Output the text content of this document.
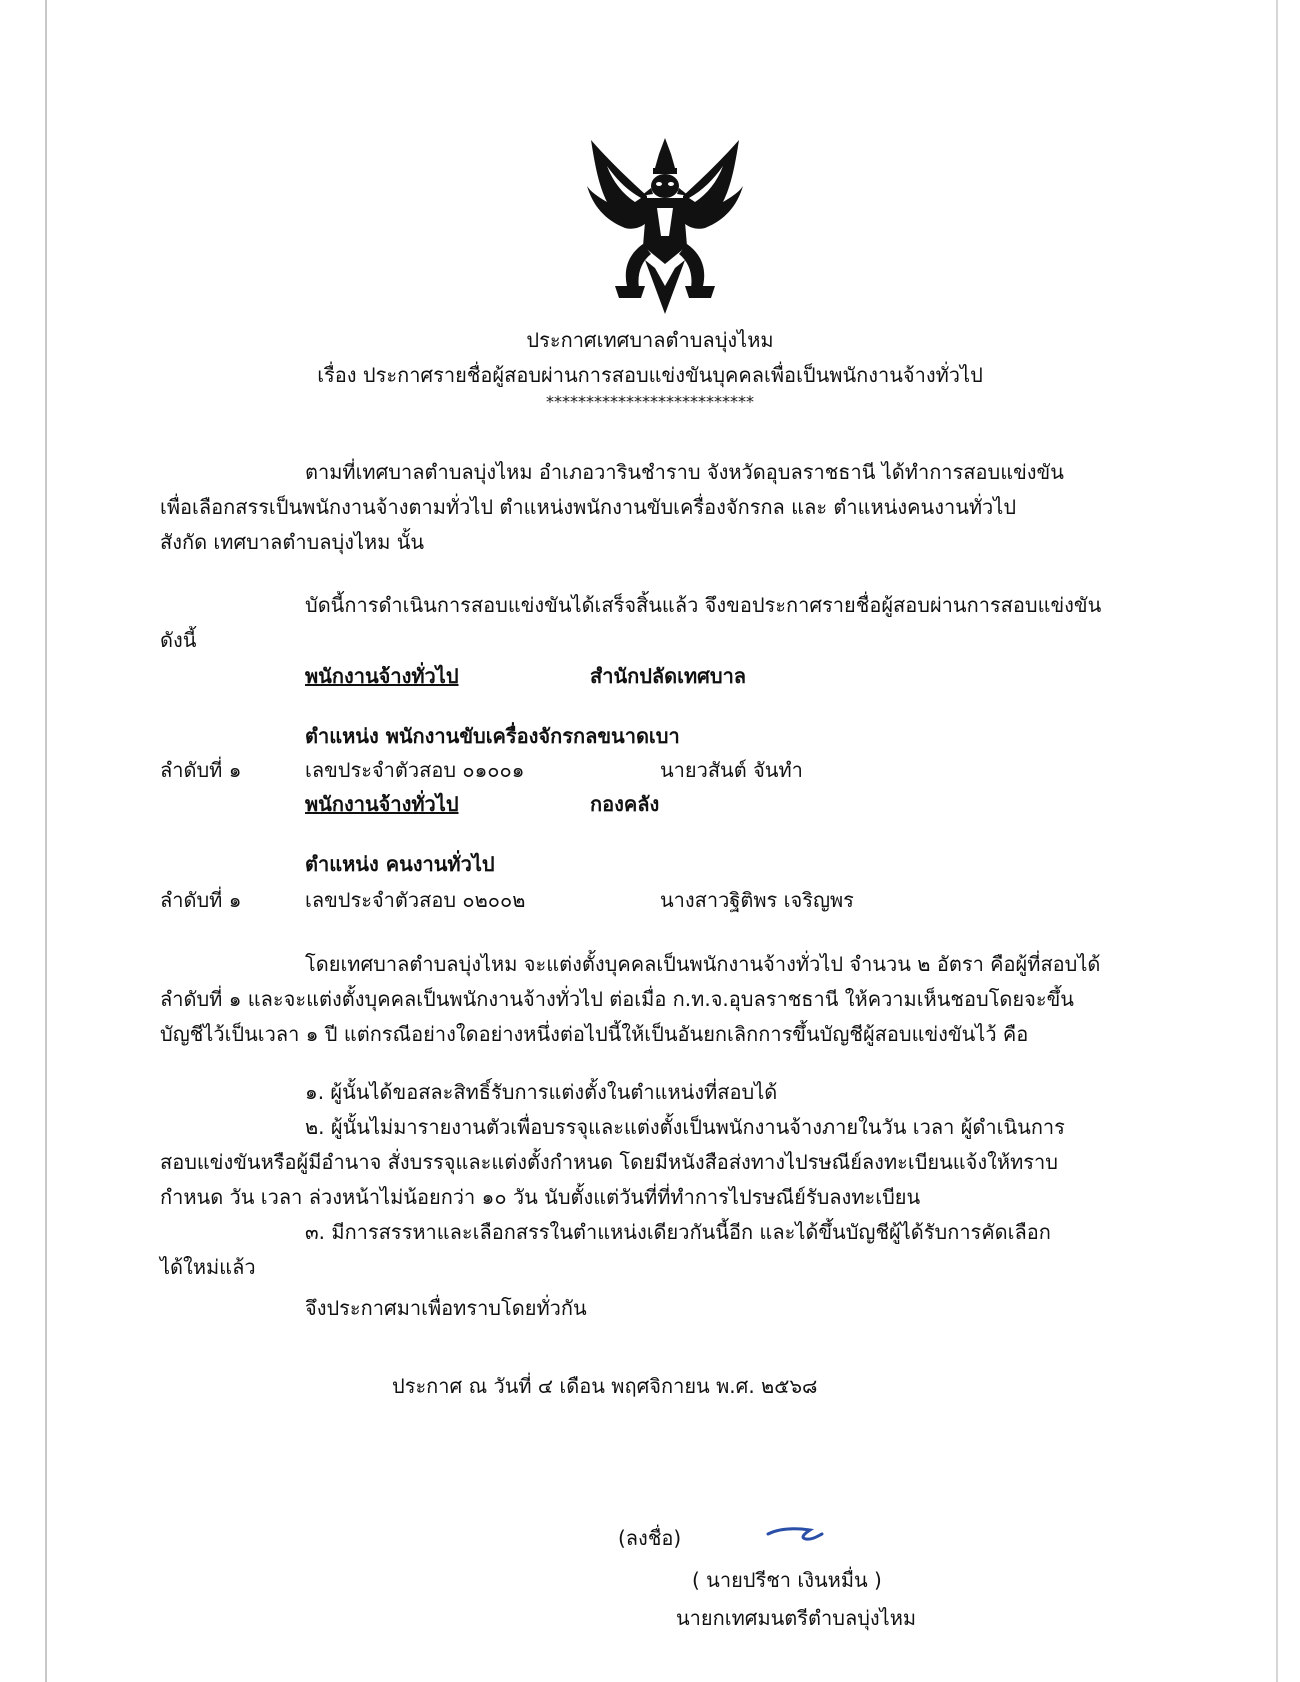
ประกาศเทศบาลตำบลบุ่งไหม
เรื่อง ประกาศรายชื่อผู้สอบผ่านการสอบแข่งขันบุคคลเพื่อเป็นพนักงานจ้างทั่วไป
**************************
ตามที่เทศบาลตำบลบุ่งไหม อำเภอวารินชำราบ จังหวัดอุบลราชธานี ได้ทำการสอบแข่งขัน
เพื่อเลือกสรรเป็นพนักงานจ้างตามทั่วไป ตำแหน่งพนักงานขับเครื่องจักรกล และ ตำแหน่งคนงานทั่วไป
สังกัด เทศบาลตำบลบุ่งไหม นั้น
บัดนี้การดำเนินการสอบแข่งขันได้เสร็จสิ้นแล้ว จึงขอประกาศรายชื่อผู้สอบผ่านการสอบแข่งขัน
ดังนี้
พนักงานจ้างทั่วไป	สำนักปลัดเทศบาล
ตำแหน่ง พนักงานขับเครื่องจักรกลขนาดเบา
ลำดับที่ ๑	เลขประจำตัวสอบ ๐๑๐๐๑	นายวสันต์ จันทำ
พนักงานจ้างทั่วไป	กองคลัง
ตำแหน่ง คนงานทั่วไป
ลำดับที่ ๑	เลขประจำตัวสอบ ๐๒๐๐๒	นางสาวฐิติพร เจริญพร
โดยเทศบาลตำบลบุ่งไหม จะแต่งตั้งบุคคลเป็นพนักงานจ้างทั่วไป จำนวน ๒ อัตรา คือผู้ที่สอบได้
ลำดับที่ ๑ และจะแต่งตั้งบุคคลเป็นพนักงานจ้างทั่วไป ต่อเมื่อ ก.ท.จ.อุบลราชธานี ให้ความเห็นชอบโดยจะขึ้น
บัญชีไว้เป็นเวลา ๑ ปี แต่กรณีอย่างใดอย่างหนึ่งต่อไปนี้ให้เป็นอันยกเลิกการขึ้นบัญชีผู้สอบแข่งขันไว้ คือ
๑. ผู้นั้นได้ขอสละสิทธิ์รับการแต่งตั้งในตำแหน่งที่สอบได้
๒. ผู้นั้นไม่มารายงานตัวเพื่อบรรจุและแต่งตั้งเป็นพนักงานจ้างภายในวัน เวลา ผู้ดำเนินการ
สอบแข่งขันหรือผู้มีอำนาจ สั่งบรรจุและแต่งตั้งกำหนด โดยมีหนังสือส่งทางไปรษณีย์ลงทะเบียนแจ้งให้ทราบ
กำหนด วัน เวลา ล่วงหน้าไม่น้อยกว่า ๑๐ วัน นับตั้งแต่วันที่ที่ทำการไปรษณีย์รับลงทะเบียน
๓. มีการสรรหาและเลือกสรรในตำแหน่งเดียวกันนี้อีก และได้ขึ้นบัญชีผู้ได้รับการคัดเลือก
ได้ใหม่แล้ว
จึงประกาศมาเพื่อทราบโดยทั่วกัน
ประกาศ ณ วันที่ ๔ เดือน พฤศจิกายน พ.ศ. ๒๕๖๘
(ลงชื่อ)
( นายปรีชา เงินหมื่น )
นายกเทศมนตรีตำบลบุ่งไหม
